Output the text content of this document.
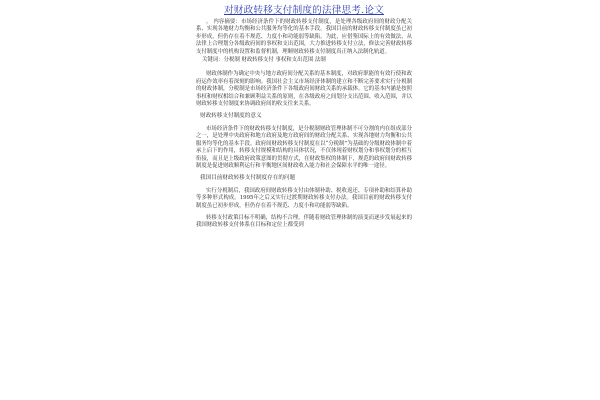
对财政转移支付制度的法律思考.论文

。 内容摘要：市场经济条件下的财政转移支付制度，是处理各级政府间的财政分配关系、实现各地财力均衡和公共服务均等化的基本手段。我国目前的财政转移支付制度虽已初步形成，但仍存在着不规范、力度小和功能弱等缺陷。为此，应借鉴国际上的有效做法，从法律上合理划分各级政府间的事权和支出范围，大力推进转移支付立法，修法完善财政转移支付制度中的机构设置和监督机制，理顺财政转移支付制度真正纳入法制化轨道。

关键词：分税制 财政转移支付 事权和支出范围 法制

财政体制作为确定中央与地方政府间分配关系的基本制度，对政府职能的有效行使和政府运作效率有着深刻的影响。我国社会主义市场经济体制的建立和不断完善要求实行分税制的财政体制，分税制是市场经济条件下各级政府间财政关系的承载体。它的基本内涵是按照事权和财权相结合和兼顾利益关系的原则，在各级政府之间划分支出范围、收入范围，并以财政转移支付制度来协调政府间的收支往来关系。

财政转移支付制度的意义

市场经济条件下的财政转移支付制度，是分税制财政管理体制不可分割的内在组成部分之一，是处理中央政府和地方政府及地方政府间的财政分配关系、实现各地财力均衡和公共服务均等化的基本手段。政府间财政转移支付制度在以“分税制”为基础的分级财政体制中着承上启下的作用，转移支付规模和结构的具体状况，不仅体现着财权划分和事权划分的相互衔接，而且是上级政府政策意图的贯彻方式，在财政集权的体制下，规范的政府间财政转移制度是促进财政顺利运行和平衡地区间财政收入能力和社会保障水平的唯一途径。

我国目前财政转移支付制度存在的问题

实行分税制后，我国政府间财政转移支付由体制补助、税收返还、专项补助和结算补助等多种形式构成。1995年之后又实行过渡期财政转移支付办法。我国目前的财政转移支付制度虽已初步形成，但仍存在着不规范、力度小和功能弱等缺陷。

转移支付政策目标不明确，结构不合理。伴随着财政管理体制的演变而逐步发展起来的我国财政转移支付体系在目标和定位上都受到
